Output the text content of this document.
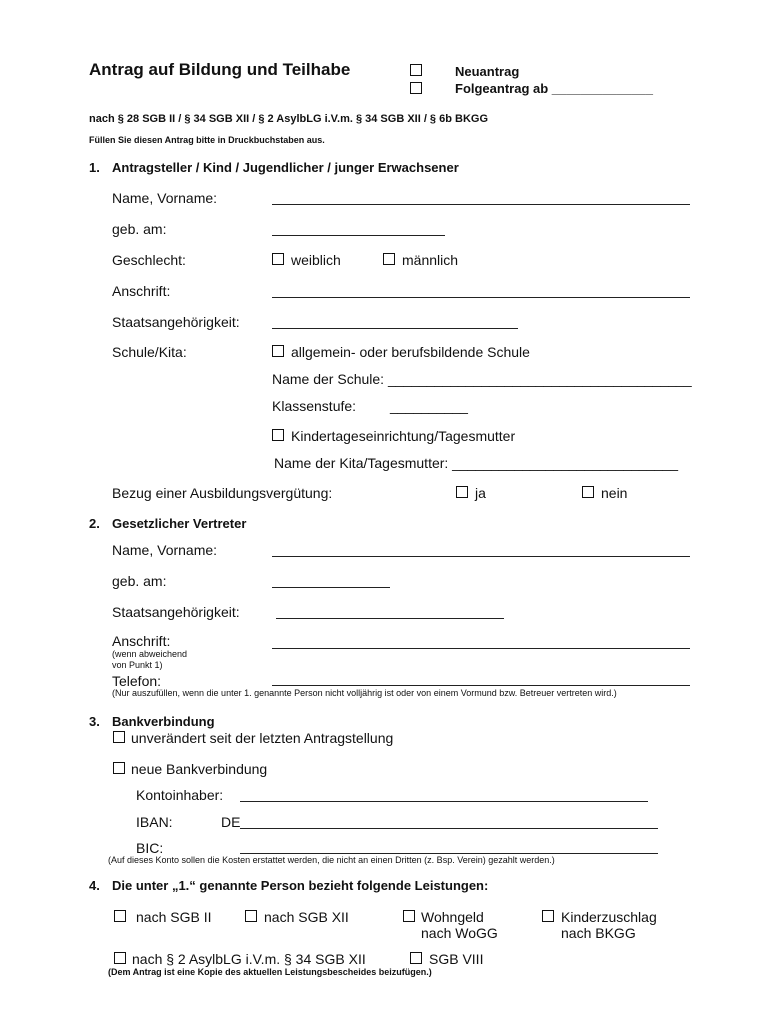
Antrag auf Bildung und Teilhabe	Neuantrag
Folgeantrag ab ______________
nach § 28 SGB II / § 34 SGB XII / § 2 AsylbLG i.V.m. § 34 SGB XII / § 6b BKGG
Füllen Sie diesen Antrag bitte in Druckbuchstaben aus.
1. Antragsteller / Kind / Jugendlicher / junger Erwachsener
Name, Vorname:
geb. am:
Geschlecht:	weiblich	männlich
Anschrift:
Staatsangehörigkeit:
Schule/Kita:	allgemein- oder berufsbildende Schule
Name der Schule: _______________________________________
Klassenstufe: __________
Kindertageseinrichtung/Tagesmutter
Name der Kita/Tagesmutter: _____________________________
Bezug einer Ausbildungsvergütung:	ja	nein
2. Gesetzlicher Vertreter
Name, Vorname:
geb. am:
Staatsangehörigkeit:
Anschrift:
(wenn abweichend
von Punkt 1)
Telefon:
(Nur auszufüllen, wenn die unter 1. genannte Person nicht volljährig ist oder von einem Vormund bzw. Betreuer vertreten wird.)
3. Bankverbindung
unverändert seit der letzten Antragstellung
neue Bankverbindung
Kontoinhaber:
IBAN:	DE
BIC:
(Auf dieses Konto sollen die Kosten erstattet werden, die nicht an einen Dritten (z. Bsp. Verein) gezahlt werden.)
4. Die unter „1.“ genannte Person bezieht folgende Leistungen:
nach SGB II	nach SGB XII	Wohngeld
nach WoGG
Kinderzuschlag
nach BKGG
nach § 2 AsylbLG i.V.m. § 34 SGB XII	SGB VIII
(Dem Antrag ist eine Kopie des aktuellen Leistungsbescheides beizufügen.)
